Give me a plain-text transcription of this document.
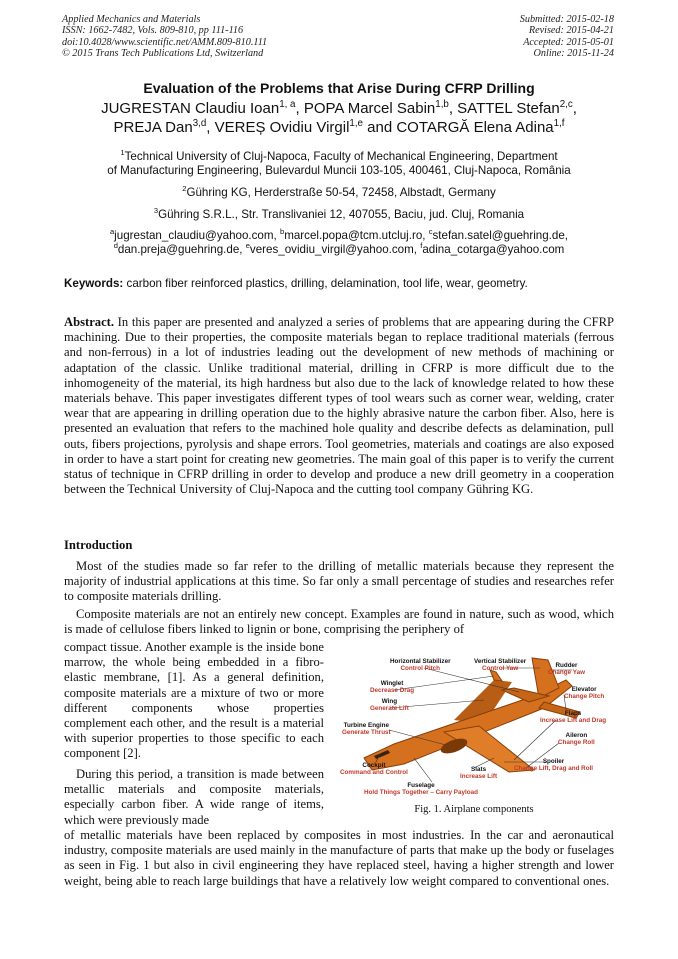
Applied Mechanics and Materials
ISSN: 1662-7482, Vols. 809-810, pp 111-116
doi:10.4028/www.scientific.net/AMM.809-810.111
© 2015 Trans Tech Publications Ltd, Switzerland
Submitted: 2015-02-18
Revised: 2015-04-21
Accepted: 2015-05-01
Online: 2015-11-24
Evaluation of the Problems that Arise During CFRP Drilling
JUGRESTAN Claudiu Ioan$^{1, a}$, POPA Marcel Sabin$^{1,b}$, SATTEL Stefan$^{2,c}$,
PREJA Dan$^{3,d}$, VEREȘ Ovidiu Virgil$^{1,e}$ and COTARGĂ Elena Adina$^{1,f}$
$^1$Technical University of Cluj-Napoca, Faculty of Mechanical Engineering, Department
of Manufacturing Engineering, Bulevardul Muncii 103-105, 400461, Cluj-Napoca, România
$^2$Gühring KG, Herderstraße 50-54, 72458, Albstadt, Germany
$^3$Gühring S.R.L., Str. Translivaniei 12, 407055, Baciu, jud. Cluj, Romania
$^a$jugrestan_claudiu@yahoo.com, $^b$marcel.popa@tcm.utcluj.ro, $^c$stefan.satel@guehring.de,
$^d$dan.preja@guehring.de, $^e$veres_ovidiu_virgil@yahoo.com, $^f$adina_cotarga@yahoo.com
Keywords: carbon fiber reinforced plastics, drilling, delamination, tool life, wear, geometry.
Abstract. In this paper are presented and analyzed a series of problems that are appearing during the CFRP machining. Due to their properties, the composite materials began to replace traditional materials (ferrous and non-ferrous) in a lot of industries leading out the development of new methods of machining or adaptation of the classic. Unlike traditional material, drilling in CFRP is more difficult due to the inhomogeneity of the material, its high hardness but also due to the lack of knowledge related to how these materials behave. This paper investigates different types of tool wears such as corner wear, welding, crater wear that are appearing in drilling operation due to the highly abrasive nature the carbon fiber. Also, here is presented an evaluation that refers to the machined hole quality and describe defects as delamination, pull outs, fibers projections, pyrolysis and shape errors. Tool geometries, materials and coatings are also exposed in order to have a start point for creating new geometries. The main goal of this paper is to verify the current status of technique in CFRP drilling in order to develop and produce a new drill geometry in a cooperation between the Technical University of Cluj-Napoca and the cutting tool company Gühring KG.
Introduction
Most of the studies made so far refer to the drilling of metallic materials because they represent the majority of industrial applications at this time. So far only a small percentage of studies and researches refer to composite materials drilling.
Composite materials are not an entirely new concept. Examples are found in nature, such as wood, which is made of cellulose fibers linked to lignin or bone, comprising the periphery of
compact tissue. Another example is the inside bone marrow, the whole being embedded in a fibro-elastic membrane, [1]. As a general definition, composite materials are a mixture of two or more different components whose properties complement each other, and the result is a material with superior properties to those specific to each component [2].
During this period, a transition is made between metallic materials and composite materials, especially carbon fiber. A wide range of items, which were previously made
of metallic materials have been replaced by composites in most industries. In the car and aeronautical industry, composite materials are used mainly in the manufacture of parts that make up the body or fuselages as seen in Fig. 1 but also in civil engineering they have replaced steel, having a higher strength and lower weight, being able to reach large buildings that have a relatively low weight compared to conventional ones.
Horizontal Stabilizer
Control Pitch
Vertical Stabilizer
Control Yaw	Rudder
Change Yaw
Winglet
Decrease Drag	Elevator
Change Pitch
Wing
Generate Lift
Flaps
Increase Lift and Drag
Turbine Engine
Generate Thrust	Aileron
Change Roll
Cockpit
Command and Control	Slats
Increase Lift
Spoiler
Change Lift, Drag and Roll
Fuselage
Hold Things Together – Carry Payload
Fig. 1. Airplane components
